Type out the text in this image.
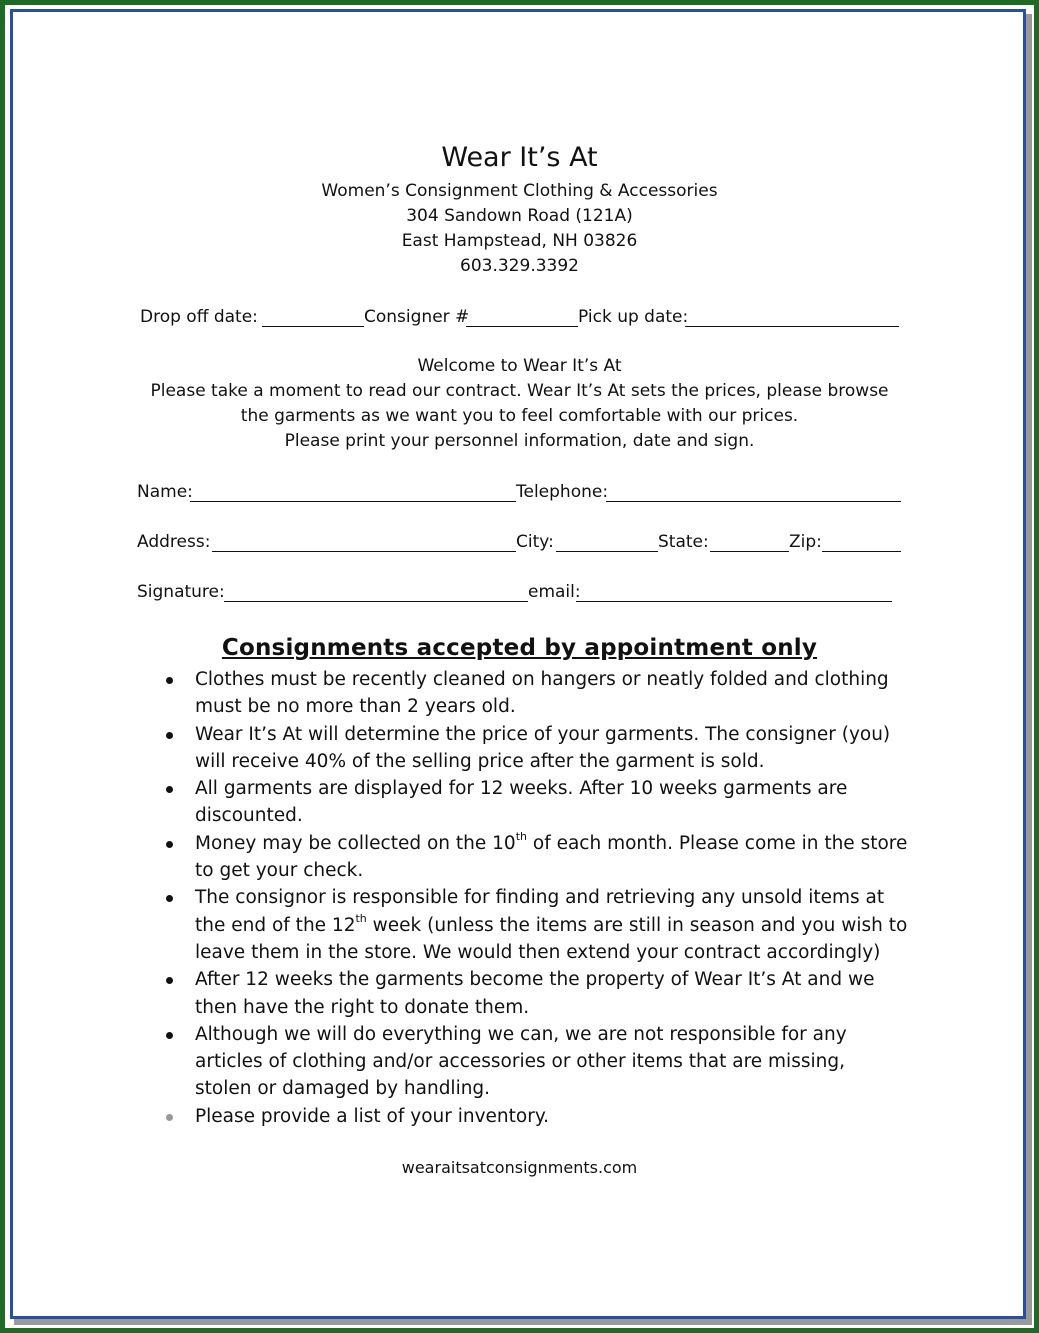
Wear It’s At
Women’s Consignment Clothing & Accessories
304 Sandown Road (121A)
East Hampstead, NH 03826
603.329.3392
Drop off date:	Consigner #	Pick up date:
Welcome to Wear It’s At
Please take a moment to read our contract. Wear It’s At sets the prices, please browse
the garments as we want you to feel comfortable with our prices.
Please print your personnel information, date and sign.
Name:	Telephone:
Address:	City:	State:	Zip:
Signature:	email:
Consignments accepted by appointment only
Clothes must be recently cleaned on hangers or neatly folded and clothing
must be no more than 2 years old.
Wear It’s At will determine the price of your garments. The consigner (you)
will receive 40% of the selling price after the garment is sold.
All garments are displayed for 12 weeks. After 10 weeks garments are
discounted.
Money may be collected on the 10th of each month. Please come in the store
to get your check.
The consignor is responsible for finding and retrieving any unsold items at
the end of the 12th week (unless the items are still in season and you wish to
leave them in the store. We would then extend your contract accordingly)
After 12 weeks the garments become the property of Wear It’s At and we
then have the right to donate them.
Although we will do everything we can, we are not responsible for any
articles of clothing and/or accessories or other items that are missing,
stolen or damaged by handling.
Please provide a list of your inventory.
wearaitsatconsignments.com
